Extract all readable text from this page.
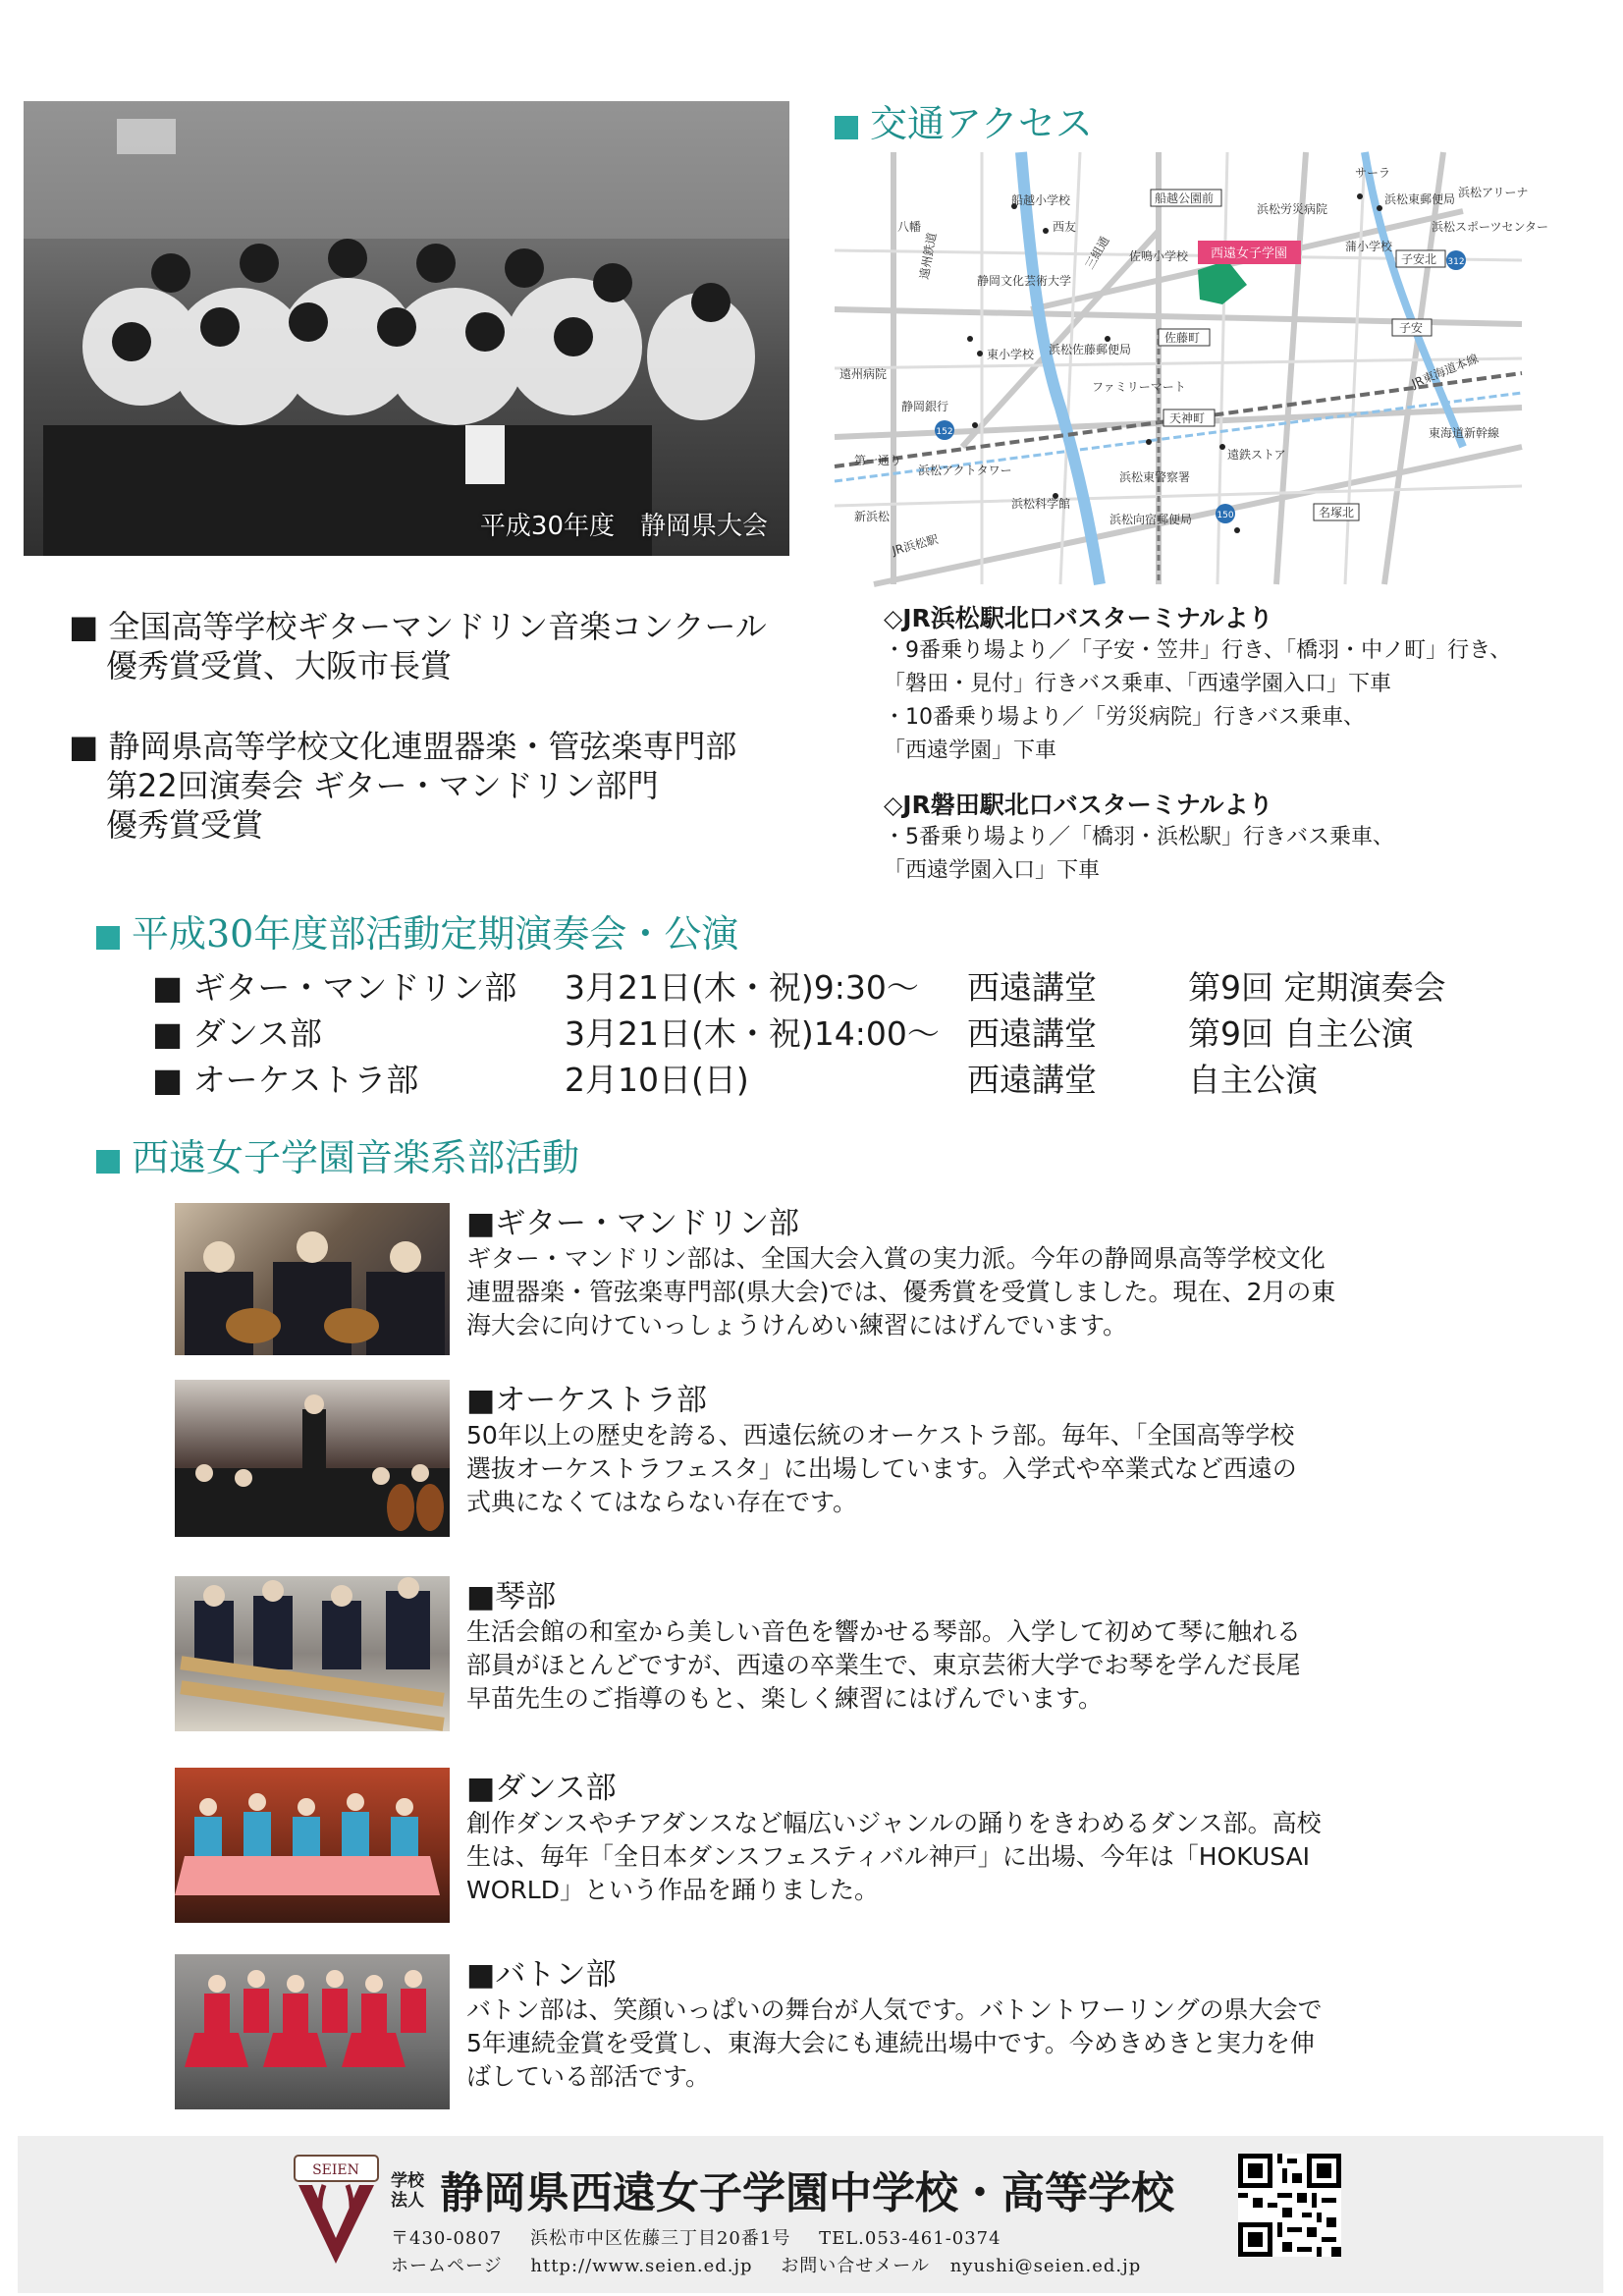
平成30年度　静岡県大会
■ 全国高等学校ギターマンドリン音楽コンクール
優秀賞受賞、大阪市長賞
■ 静岡県高等学校文化連盟器楽・管弦楽専門部
第22回演奏会 ギター・マンドリン部門
優秀賞受賞
交通アクセス
西遠女子学園
152
150
312
八幡
遠州鉄道
船越小学校
西友
三組通 佐鳴小学校
船越公園前
浜松労災病院
サーラ
浜松東郵便局 浜松アリーナ
浜松スポーツセンター
子安北
子安
蒲小学校
静岡文化芸術大学
東小学校 浜松佐藤郵便局
佐藤町
ファミリーマート
天神町
遠州病院
静岡銀行
JR東海道本線
東海道新幹線
遠鉄ストア
第一通り
浜松アクトタワー	浜松東警察署
浜松科学館
浜松向宿郵便局
新浜松
JR浜松駅
名塚北
◇JR浜松駅北口バスターミナルより
・9番乗り場より／「子安・笠井」行き、「橋羽・中ノ町」行き、
「磐田・見付」行きバス乗車、「西遠学園入口」下車
・10番乗り場より／「労災病院」行きバス乗車、
「西遠学園」下車
◇JR磐田駅北口バスターミナルより
・5番乗り場より／「橋羽・浜松駅」行きバス乗車、
「西遠学園入口」下車
平成30年度部活動定期演奏会・公演
■ ギター・マンドリン部 3月21日(木・祝)9:30〜 西遠講堂	第9回 定期演奏会
■ ダンス部	3月21日(木・祝)14:00〜 西遠講堂	第9回 自主公演
■ オーケストラ部	2月10日(日)	西遠講堂	自主公演
西遠女子学園音楽系部活動
■ギター・マンドリン部
ギター・マンドリン部は、全国大会入賞の実力派。今年の静岡県高等学校文化
連盟器楽・管弦楽専門部(県大会)では、優秀賞を受賞しました。現在、2月の東
海大会に向けていっしょうけんめい練習にはげんでいます。
■オーケストラ部
50年以上の歴史を誇る、西遠伝統のオーケストラ部。毎年、「全国高等学校
選抜オーケストラフェスタ」に出場しています。入学式や卒業式など西遠の
式典になくてはならない存在です。
■琴部
生活会館の和室から美しい音色を響かせる琴部。入学して初めて琴に触れる
部員がほとんどですが、西遠の卒業生で、東京芸術大学でお琴を学んだ長尾
早苗先生のご指導のもと、楽しく練習にはげんでいます。
■ダンス部
創作ダンスやチアダンスなど幅広いジャンルの踊りをきわめるダンス部。高校
生は、毎年「全日本ダンスフェスティバル神戸」に出場、今年は「HOKUSAI
WORLD」という作品を踊りました。
■バトン部
バトン部は、笑顔いっぱいの舞台が人気です。バトントワーリングの県大会で
5年連続金賞を受賞し、東海大会にも連続出場中です。今めきめきと実力を伸
ばしている部活です。
SEIEN
学校
法人 静岡県西遠女子学園中学校・高等学校
〒430-0807 浜松市中区佐藤三丁目20番1号 TEL.053-461-0374
ホームページ http://www.seien.ed.jp お問い合せメール nyushi@seien.ed.jp
